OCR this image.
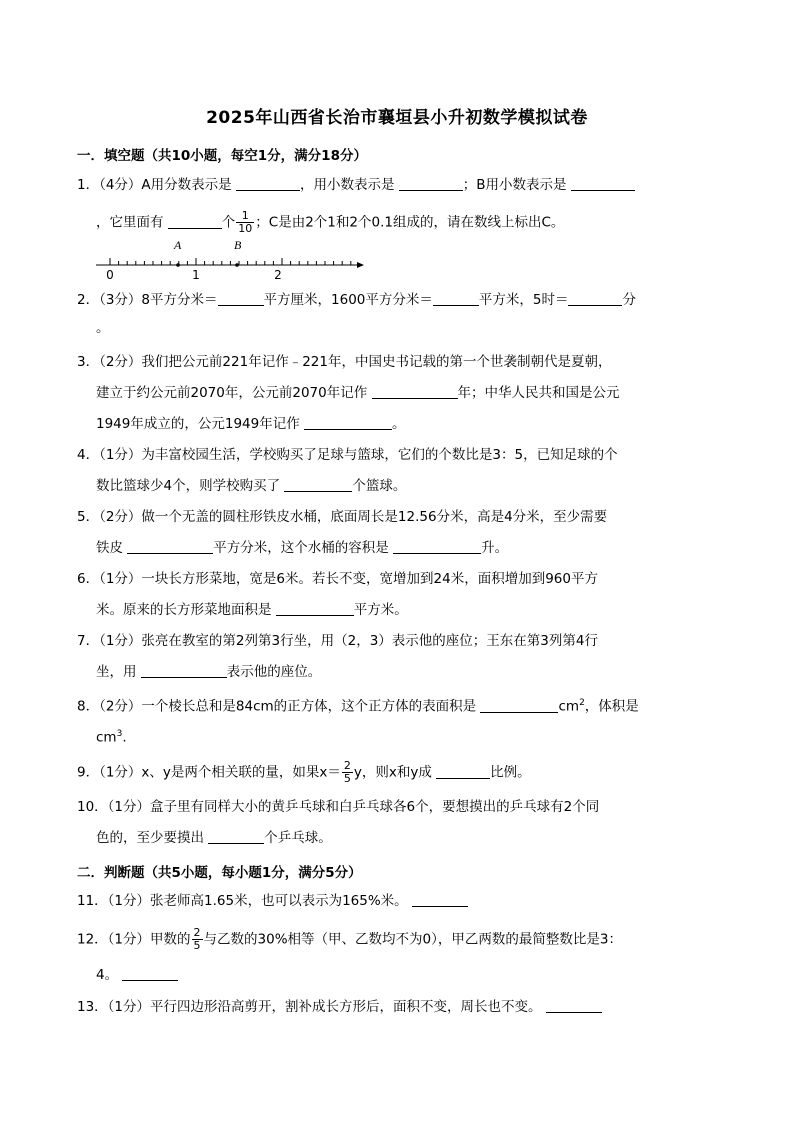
2025年山西省长治市襄垣县小升初数学模拟试卷
一．填空题（共10小题，每空1分，满分18分）
1．（4分）A用分数表示是	，用小数表示是	；B用小数表示是
，它里面有	个 $\frac{1}{10}$ ；C是由2个1和2个0.1组成的，请在数线上标出C。
A	B
0	1	2
2．（3分）8平方分米＝	平方厘米，1600平方分米＝	平方米，5时＝	分
。
3．（2分）我们把公元前221年记作﹣221年，中国史书记载的第一个世袭制朝代是夏朝，
建立于约公元前2070年，公元前2070年记作	年；中华人民共和国是公元
1949年成立的，公元1949年记作	。
4．（1分）为丰富校园生活，学校购买了足球与篮球，它们的个数比是3：5，已知足球的个
数比篮球少4个，则学校购买了	个篮球。
5．（2分）做一个无盖的圆柱形铁皮水桶，底面周长是12.56分米，高是4分米，至少需要
铁皮	平方分米，这个水桶的容积是	升。
6．（1分）一块长方形菜地，宽是6米。若长不变，宽增加到24米，面积增加到960平方
米。原来的长方形菜地面积是	平方米。
7．（1分）张亮在教室的第2列第3行坐，用（2，3）表示他的座位；王东在第3列第4行
坐，用	表示他的座位。
8．（2分）一个棱长总和是84cm的正方体，这个正方体的表面积是	$cm^2$，体积是
$cm^3$.
9．（1分）x、y是两个相关联的量，如果$x= \frac{2}{5}$ y，则x和y成	比例。
10．（1分）盒子里有同样大小的黄乒乓球和白乒乓球各6个，要想摸出的乒乓球有2个同
色的，至少要摸出	个乒乓球。
二．判断题（共5小题，每小题1分，满分5分）
11．（1分）张老师高1.65米，也可以表示为165%米。
12．（1分）甲数的 $\frac{2}{5}$ 与乙数的30%相等（甲、乙数均不为0），甲乙两数的最简整数比是3：
4。
13．（1分）平行四边形沿高剪开，割补成长方形后，面积不变，周长也不变。
